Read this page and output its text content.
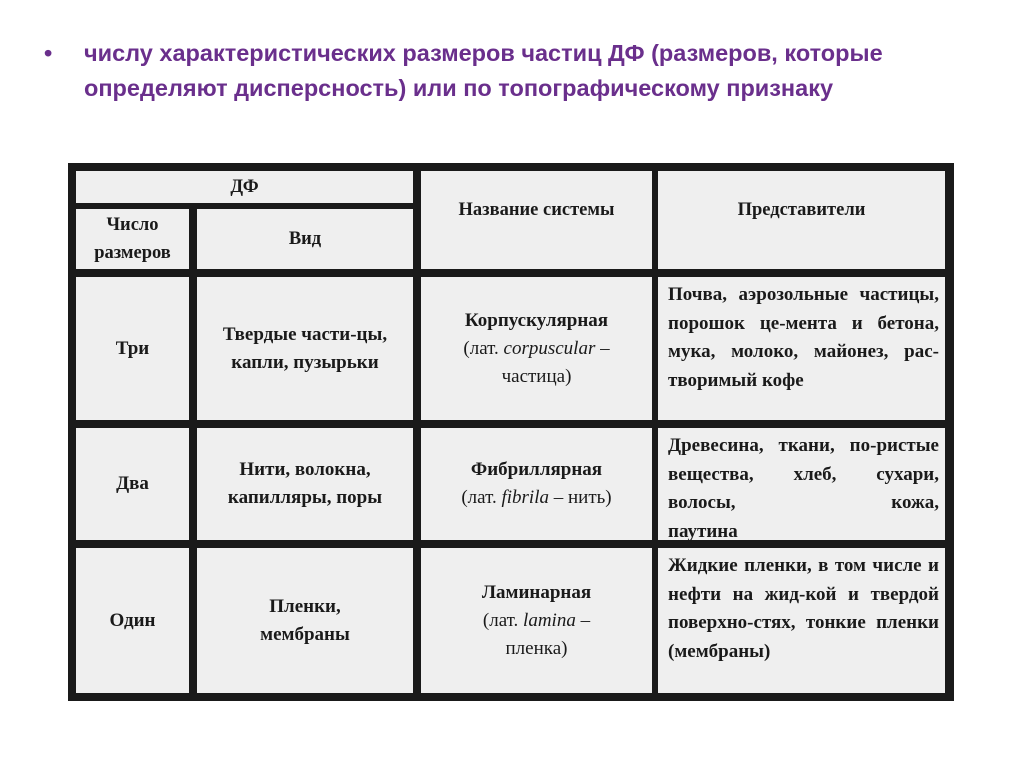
• числу характеристических размеров частиц ДФ (размеров, которые определяют дисперсность) или по топографическому признаку
ДФ
Число размеров
Вид
Название системы	Представители
Три
Твердые части-цы, капли, пузырьки
Корпускулярная
(лат. corpuscular – частица)
Почва, аэрозольные частицы, порошок це-мента и бетона, мука, молоко, майонез, рас-
творимый кофе
Два
Нити, волокна, капилляры, поры
Фибриллярная
(лат. fibrila – нить)
Древесина, ткани, по-ристые вещества, хлеб, сухари, волосы, кожа,
паутина
Один
Пленки, мембраны
Ламинарная
(лат. lamina – пленка)
Жидкие пленки, в том числе и нефти на жид-кой и твердой поверхно-стях, тонкие пленки
(мембраны)
